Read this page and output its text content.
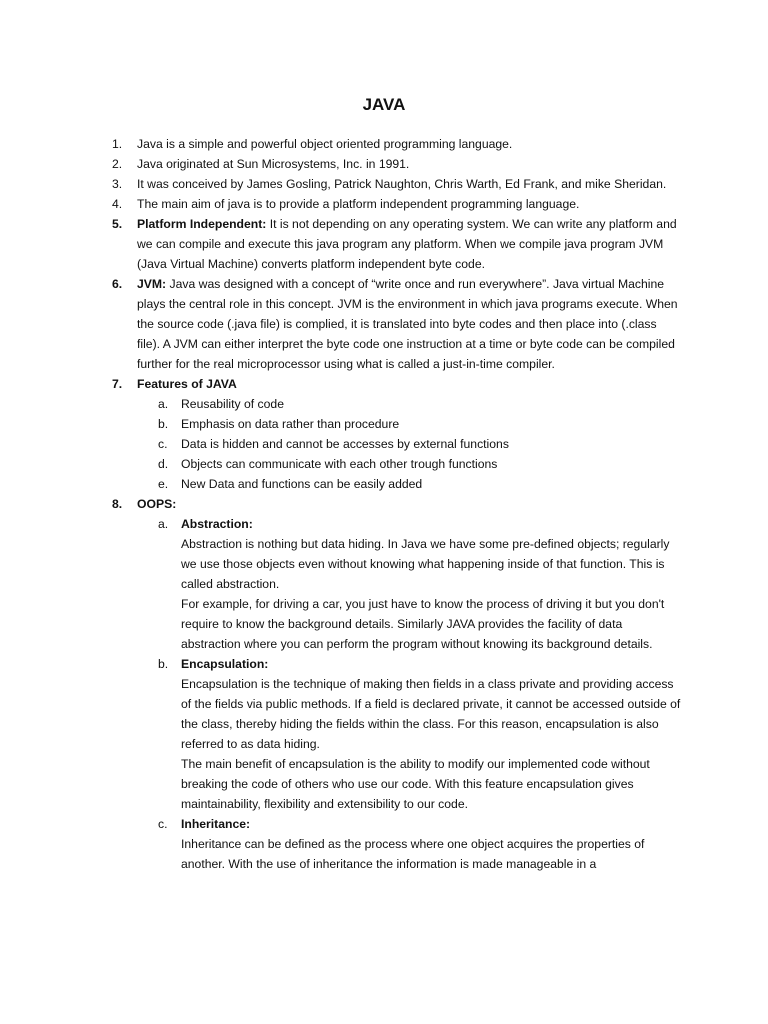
JAVA
1. Java is a simple and powerful object oriented programming language.
2. Java originated at Sun Microsystems, Inc. in 1991.
3. It was conceived by James Gosling, Patrick Naughton, Chris Warth, Ed Frank, and mike Sheridan.
4. The main aim of java is to provide a platform independent programming language.
5. Platform Independent: It is not depending on any operating system. We can write any platform and we can compile and execute this java program any platform. When we compile java program JVM (Java Virtual Machine) converts platform independent byte code.
6. JVM: Java was designed with a concept of “write once and run everywhere”. Java virtual Machine plays the central role in this concept. JVM is the environment in which java programs execute. When the source code (.java file) is complied, it is translated into byte codes and then place into (.class file). A JVM can either interpret the byte code one instruction at a time or byte code can be compiled further for the real microprocessor using what is called a just-in-time compiler.
7. Features of JAVA
a. Reusability of code
b. Emphasis on data rather than procedure
c. Data is hidden and cannot be accesses by external functions
d. Objects can communicate with each other trough functions
e. New Data and functions can be easily added
8. OOPS:
a. Abstraction:
Abstraction is nothing but data hiding. In Java we have some pre-defined objects; regularly we use those objects even without knowing what happening inside of that function. This is called abstraction.
For example, for driving a car, you just have to know the process of driving it but you don't require to know the background details. Similarly JAVA provides the facility of data abstraction where you can perform the program without knowing its background details.
b. Encapsulation:
Encapsulation is the technique of making then fields in a class private and providing access of the fields via public methods. If a field is declared private, it cannot be accessed outside of the class, thereby hiding the fields within the class. For this reason, encapsulation is also referred to as data hiding.
The main benefit of encapsulation is the ability to modify our implemented code without breaking the code of others who use our code. With this feature encapsulation gives maintainability, flexibility and extensibility to our code.
c. Inheritance:
Inheritance can be defined as the process where one object acquires the properties of another. With the use of inheritance the information is made manageable in a
